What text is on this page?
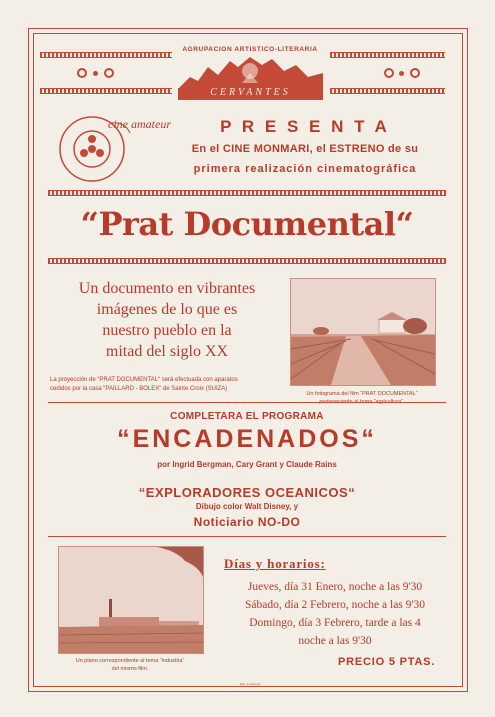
AGRUPACION ARTISTICO-LITERARIA
CERVANTES
cine amateur	P R E S E N T A
En el CINE MONMARI, el ESTRENO de su
primera realización cinematográfica
“Prat Documental“
Un documento en vibrantes
imágenes de lo que es
nuestro pueblo en la
mitad del siglo XX
La proyección de “PRAT DOCUMENTAL“ será efectuada con aparatos
cedidos por la casa “PAILLARD - BOLEX“ de Sainte Croix (SUIZA)
Un fotograma del film “PRAT DOCUMENTAL“
perteneciente al tema “agricultura“.
COMPLETARA EL PROGRAMA
“ENCADENADOS“
por Ingrid Bergman, Cary Grant y Claude Rains
“EXPLORADORES OCEANICOS“
Dibujo color Walt Disney, y
Noticiario NO-DO
Un plano correspondiente al tema “industria“
del mismo film.
Días y horarios:
Jueves, día 31 Enero, noche a las 9'30
Sábado, día 2 Febrero, noche a las 9'30
Domingo, día 3 Febrero, tarde a las 4
noche a las 9'30
PRECIO 5 PTAS.
Imp. Llobregat
